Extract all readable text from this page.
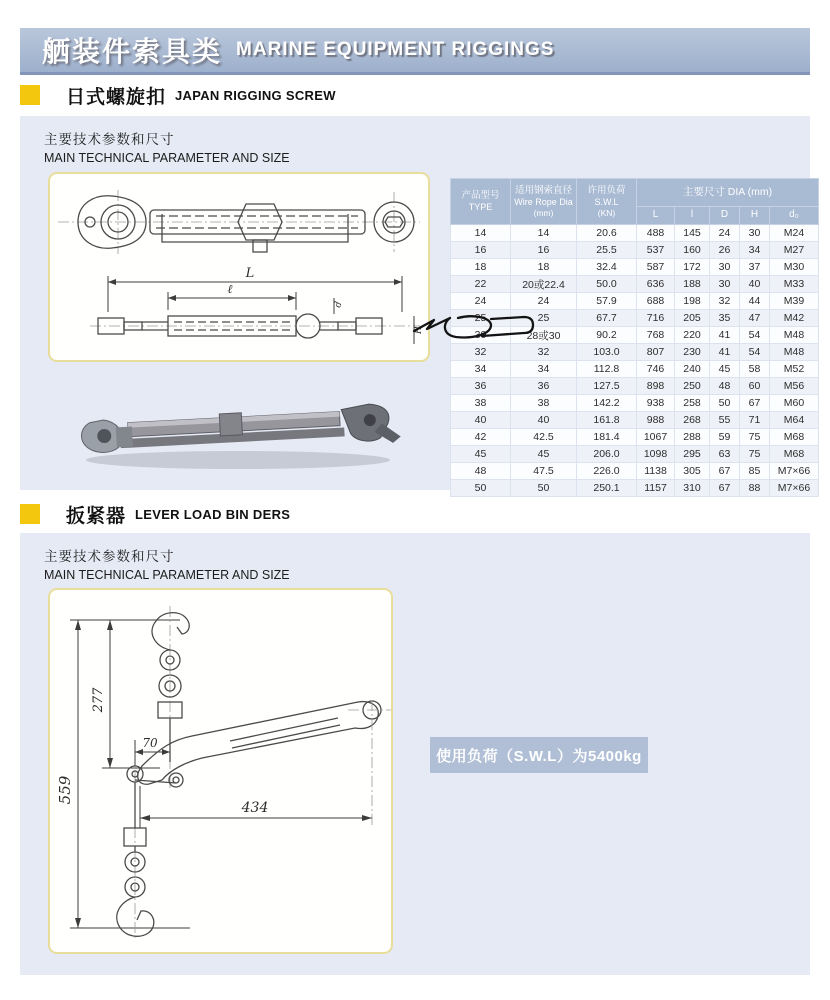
舾装件索具类 MARINE EQUIPMENT RIGGINGS
日式螺旋扣 JAPAN RIGGING SCREW
主要技术参数和尺寸
MAIN TECHNICAL PARAMETER AND SIZE
L
ℓ
d
H
产品型号
TYPE	适用钢索直径
Wire Rope Dia
(mm)	许用负荷
S.W.L
(KN)	主要尺寸 DIA (mm)				
			L	l	D	H	d₀
14	14	20.6	488	145	24	30	M24
16	16	25.5	537	160	26	34	M27
18	18	32.4	587	172	30	37	M30
22	20或22.4	50.0	636	188	30	40	M33
24	24	57.9	688	198	32	44	M39
25	25	67.7	716	205	35	47	M42
30	28或30	90.2	768	220	41	54	M48
32	32	103.0	807	230	41	54	M48
34	34	112.8	746	240	45	58	M52
36	36	127.5	898	250	48	60	M56
38	38	142.2	938	258	50	67	M60
40	40	161.8	988	268	55	71	M64
42	42.5	181.4	1067	288	59	75	M68
45	45	206.0	1098	295	63	75	M68
48	47.5	226.0	1138	305	67	85	M7×66
50	50	250.1	1157	310	67	88	M7×66
扳紧器 LEVER LOAD BIN DERS
主要技术参数和尺寸
MAIN TECHNICAL PARAMETER AND SIZE
559
277
70
434
使用负荷（S.W.L）为5400kg
